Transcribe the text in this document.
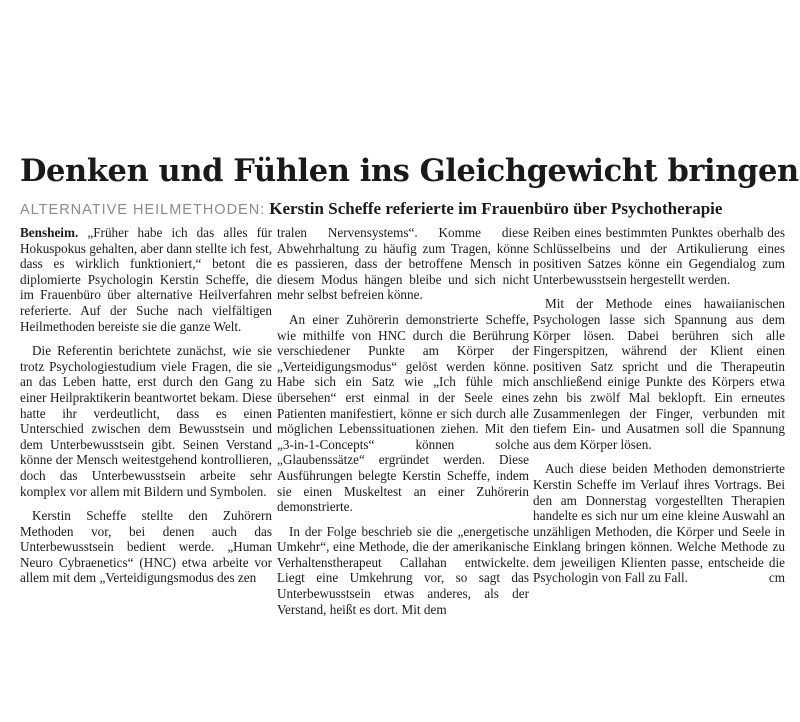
Denken und Fühlen ins Gleichgewicht bringen
ALTERNATIVE HEILMETHODEN: Kerstin Scheffe referierte im Frauenbüro über Psychotherapie

Bensheim. „Früher habe ich das alles für Hokuspokus gehalten, aber dann stellte ich fest, dass es wirklich funktioniert,“ betont die diplomierte Psychologin Kerstin Scheffe, die im Frauenbüro über alternative Heilverfahren referierte. Auf der Suche nach vielfältigen Heilmethoden bereiste sie die ganze Welt.

Die Referentin berichtete zunächst, wie sie trotz Psychologiestudium viele Fragen, die sie an das Leben hatte, erst durch den Gang zu einer Heilpraktikerin beantwortet bekam. Diese hatte ihr verdeutlicht, dass es einen Unterschied zwischen dem Bewusstsein und dem Unterbewusstsein gibt. Seinen Verstand könne der Mensch weitestgehend kontrollieren, doch das Unterbewusstsein arbeite sehr komplex vor allem mit Bildern und Symbolen.

Kerstin Scheffe stellte den Zuhörern Methoden vor, bei denen auch das Unterbewusstsein bedient werde. „Human Neuro Cybraenetics“ (HNC) etwa arbeite vor allem mit dem „Verteidigungsmodus des zen

tralen Nervensystems“. Komme diese Abwehrhaltung zu häufig zum Tragen, könne es passieren, dass der betroffene Mensch in diesem Modus hängen bleibe und sich nicht mehr selbst befreien könne.

An einer Zuhörerin demonstrierte Scheffe, wie mithilfe von HNC durch die Berührung verschiedener Punkte am Körper der „Verteidigungsmodus“ gelöst werden könne. Habe sich ein Satz wie „Ich fühle mich übersehen“ erst einmal in der Seele eines Patienten manifestiert, könne er sich durch alle möglichen Lebenssituationen ziehen. Mit den „3-in-1-Concepts“ können solche „Glaubenssätze“ ergründet werden. Diese Ausführungen belegte Kerstin Scheffe, indem sie einen Muskeltest an einer Zuhörerin demonstrierte.

In der Folge beschrieb sie die „energetische Umkehr“, eine Methode, die der amerikanische Verhaltenstherapeut Callahan entwickelte. Liegt eine Umkehrung vor, so sagt das Unterbewusstsein etwas anderes, als der Verstand, heißt es dort. Mit dem

Reiben eines bestimmten Punktes oberhalb des Schlüsselbeins und der Artikulierung eines positiven Satzes könne ein Gegendialog zum Unterbewusstsein hergestellt werden.

Mit der Methode eines hawaiianischen Psychologen lasse sich Spannung aus dem Körper lösen. Dabei berühren sich alle Fingerspitzen, während der Klient einen positiven Satz spricht und die Therapeutin anschließend einige Punkte des Körpers etwa zehn bis zwölf Mal beklopft. Ein erneutes Zusammenlegen der Finger, verbunden mit tiefem Ein- und Ausatmen soll die Spannung aus dem Körper lösen.

Auch diese beiden Methoden demonstrierte Kerstin Scheffe im Verlauf ihres Vortrags. Bei den am Donnerstag vorgestellten Therapien handelte es sich nur um eine kleine Auswahl an unzähligen Methoden, die Körper und Seele in Einklang bringen können. Welche Methode zu dem jeweiligen Klienten passe, entscheide die Psychologin von Fall zu Fall.	cm
